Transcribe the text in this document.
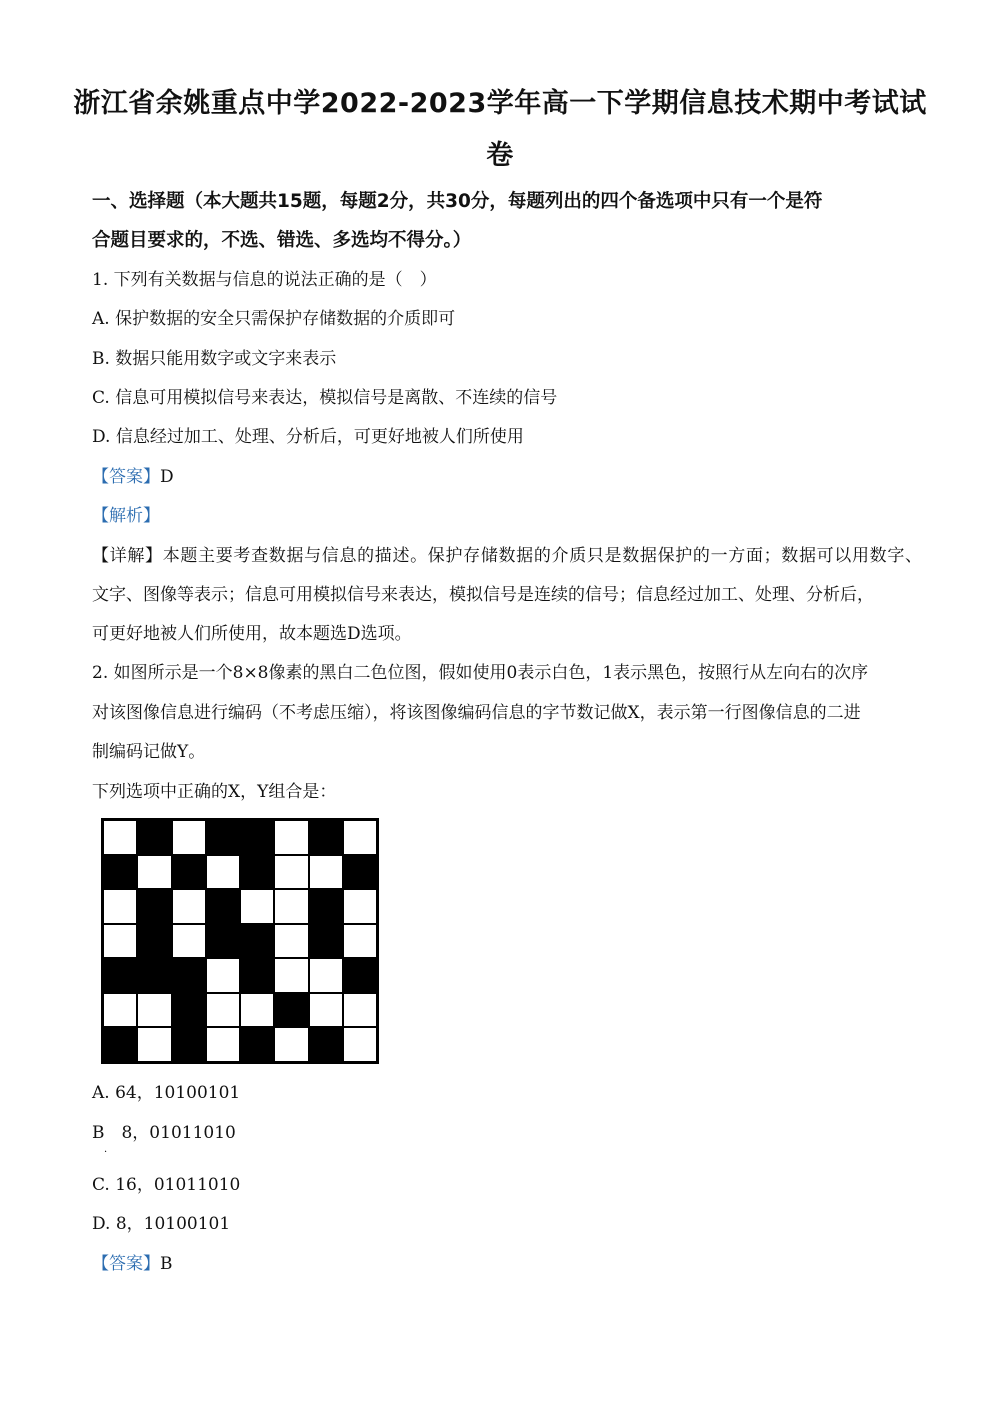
浙江省余姚重点中学2022-2023学年高一下学期信息技术期中考试试
卷
一、选择题（本大题共15题，每题2分，共30分，每题列出的四个备选项中只有一个是符
合题目要求的，不选、错选、多选均不得分。）
1. 下列有关数据与信息的说法正确的是（　）
A. 保护数据的安全只需保护存储数据的介质即可
B. 数据只能用数字或文字来表示
C. 信息可用模拟信号来表达，模拟信号是离散、不连续的信号
D. 信息经过加工、处理、分析后，可更好地被人们所使用
【答案】D
【解析】
【详解】本题主要考查数据与信息的描述。保护存储数据的介质只是数据保护的一方面；数据可以用数字、
文字、图像等表示；信息可用模拟信号来表达，模拟信号是连续的信号；信息经过加工、处理、分析后，
可更好地被人们所使用，故本题选D选项。
2. 如图所示是一个8×8像素的黑白二色位图，假如使用0表示白色，1表示黑色，按照行从左向右的次序
对该图像信息进行编码（不考虑压缩），将该图像编码信息的字节数记做X，表示第一行图像信息的二进
制编码记做Y。
下列选项中正确的X，Y组合是：
A. 64，10100101
B　8，01011010
·
C. 16，01011010
D. 8，10100101
【答案】B
